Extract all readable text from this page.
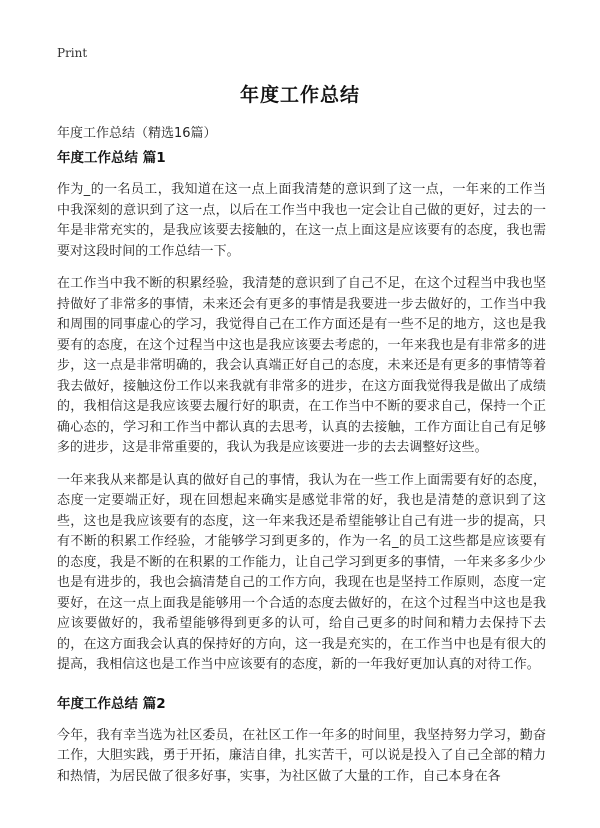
Print
年度工作总结
年度工作总结（精选16篇）
年度工作总结 篇1

作为_的一名员工，我知道在这一点上面我清楚的意识到了这一点，一年来的工作当中我深刻的意识到了这一点，以后在工作当中我也一定会让自己做的更好，过去的一年是非常充实的，是我应该要去接触的，在这一点上面这是应该要有的态度，我也需要对这段时间的工作总结一下。

在工作当中我不断的积累经验，我清楚的意识到了自己不足，在这个过程当中我也坚持做好了非常多的事情，未来还会有更多的事情是我要进一步去做好的，工作当中我和周围的同事虚心的学习，我觉得自己在工作方面还是有一些不足的地方，这也是我要有的态度，在这个过程当中这也是我应该要去考虑的，一年来我也是有非常多的进步，这一点是非常明确的，我会认真端正好自己的态度，未来还是有更多的事情等着我去做好，接触这份工作以来我就有非常多的进步，在这方面我觉得我是做出了成绩的，我相信这是我应该要去履行好的职责，在工作当中不断的要求自己，保持一个正确心态的，学习和工作当中都认真的去思考，认真的去接触，工作方面让自己有足够多的进步，这是非常重要的，我认为我是应该要进一步的去去调整好这些。

一年来我从来都是认真的做好自己的事情，我认为在一些工作上面需要有好的态度，态度一定要端正好，现在回想起来确实是感觉非常的好，我也是清楚的意识到了这些，这也是我应该要有的态度，这一年来我还是希望能够让自己有进一步的提高，只有不断的积累工作经验，才能够学习到更多的，作为一名_的员工这些都是应该要有的态度，我是不断的在积累的工作能力，让自己学习到更多的事情，一年来多多少少也是有进步的，我也会搞清楚自己的工作方向，我现在也是坚持工作原则，态度一定要好，在这一点上面我是能够用一个合适的态度去做好的，在这个过程当中这也是我应该要做好的，我希望能够得到更多的认可，给自己更多的时间和精力去保持下去的，在这方面我会认真的保持好的方向，这一我是充实的，在工作当中也是有很大的提高，我相信这也是工作当中应该要有的态度，新的一年我好更加认真的对待工作。

年度工作总结 篇2

今年，我有幸当选为社区委员，在社区工作一年多的时间里，我坚持努力学习，勤奋工作，大胆实践，勇于开拓，廉洁自律，扎实苦干，可以说是投入了自己全部的精力和热情，为居民做了很多好事，实事，为社区做了大量的工作，自己本身在各
